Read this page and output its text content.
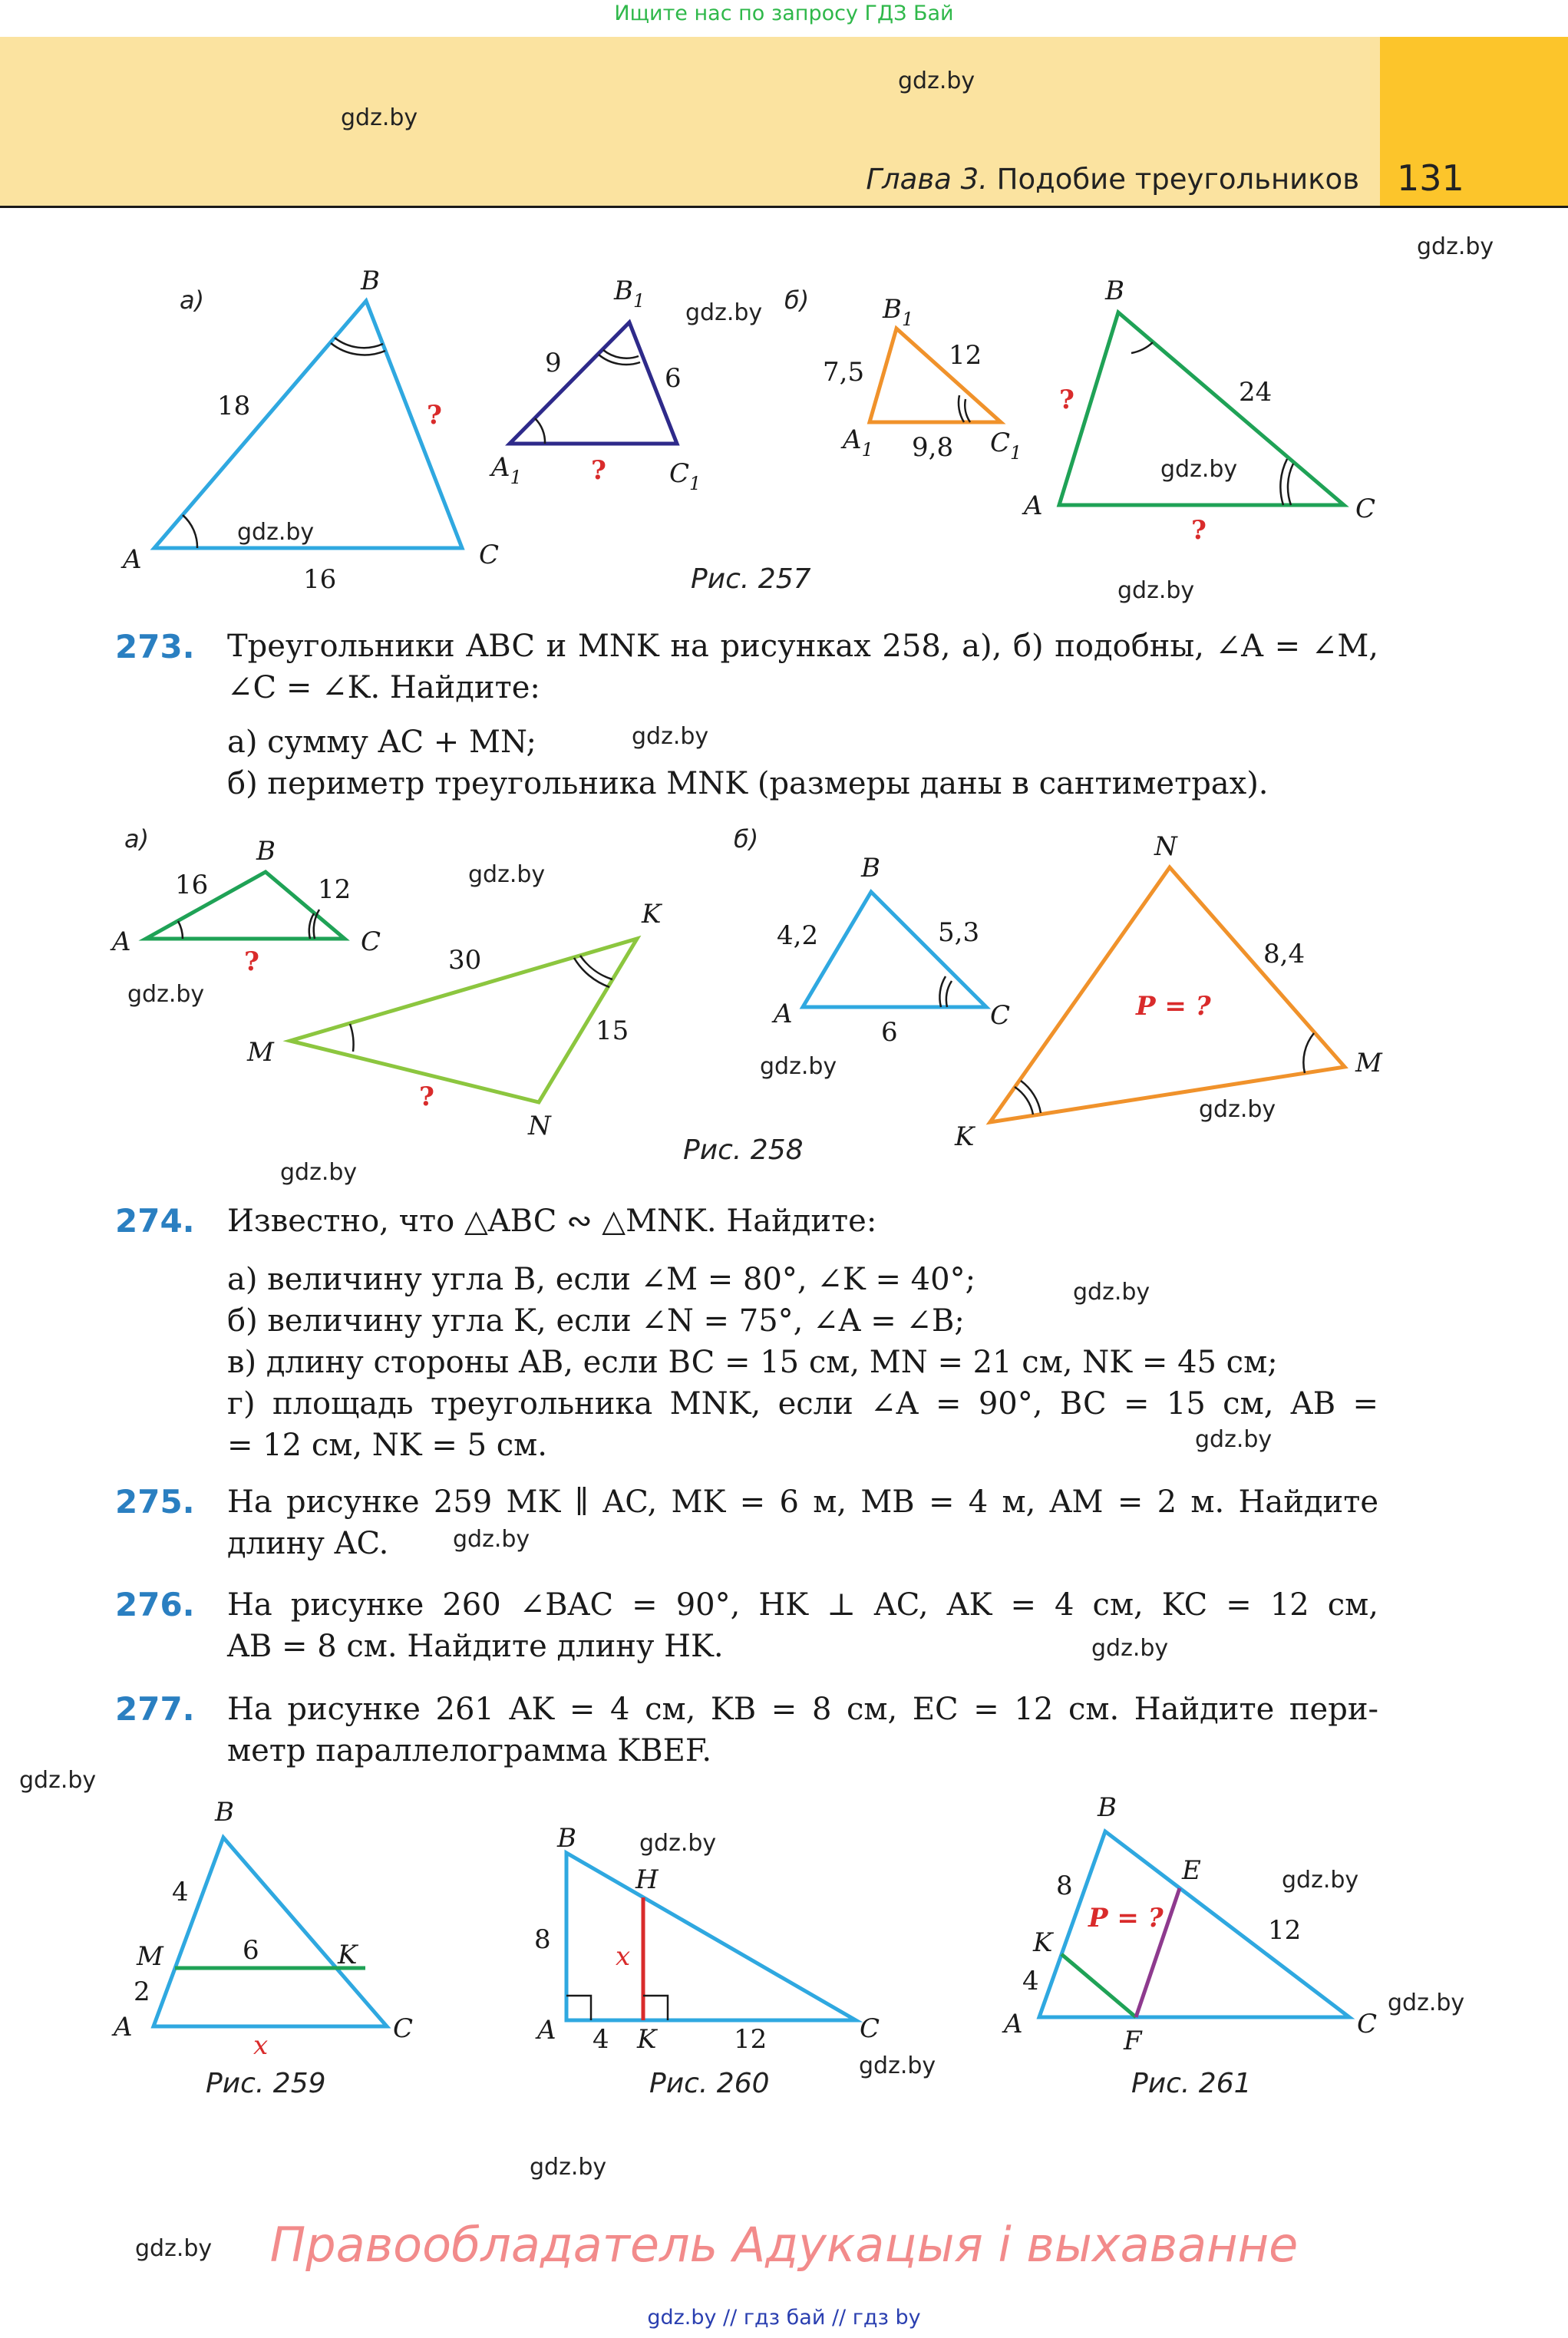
Ищите нас по запросу ГДЗ Бай
Глава 3. Подобие треугольников 131
gdz.by
gdz.by
gdz.by
gdz.by
gdz.by
gdz.by
gdz.by
gdz.by
gdz.by
gdz.by
gdz.by
gdz.by
gdz.by
gdz.by
gdz.by
gdz.by
gdz.by
gdz.by
gdz.by
gdz.by
gdz.by
gdz.by
gdz.by
gdz.by
а)	б)
A
B
C
18
16
?
$B_1$
$A_1$	$C_1$
9	6
?
$B_1$
$A_1$	$C_1$
7,5
12
9,8
B
A	C
24
?
?
Рис. 257
273. Треугольники ABC и MNK на рисунках 258, а), б) подобны, ∠A = ∠M, ∠C = ∠K. Найдите:
а) сумму AC + MN;
б) периметр треугольника MNK (размеры даны в сантиметрах).
а)	б)
A
B
C
16	12
?
M
N
K
30
15
?
A
B
C
4,2	5,3
6
N
M
K
8,4
P = ?
Рис. 258
274. Известно, что △ABC ∾ △MNK. Найдите:
а) величину угла B, если ∠M = 80°, ∠K = 40°;
б) величину угла K, если ∠N = 75°, ∠A = ∠B;
в) длину стороны AB, если BC = 15 см, MN = 21 см, NK = 45 см;
г) площадь треугольника MNK, если ∠A = 90°, BC = 15 см, AB =
= 12 см, NK = 5 см.
275. На рисунке 259 MK ∥ AC, MK = 6 м, MB = 4 м, AM = 2 м. Найдите
длину AC.
276. На рисунке 260 ∠BAC = 90°, HK ⊥ AC, AK = 4 см, KC = 12 см,
AB = 8 см. Найдите длину HK.
277. На рисунке 261 AK = 4 см, KB = 8 см, EC = 12 см. Найдите пери-
метр параллелограмма KBEF.
A
B
C
M	K
4
2
6
x	A
B
C
H
K
8
4	12
x
A
B
C
K
E
F
8
4
12
P = ?
Рис. 259	Рис. 260	Рис. 261
Правообладатель Адукацыя і выхаванне
gdz.by // гдз бай // гдз by
